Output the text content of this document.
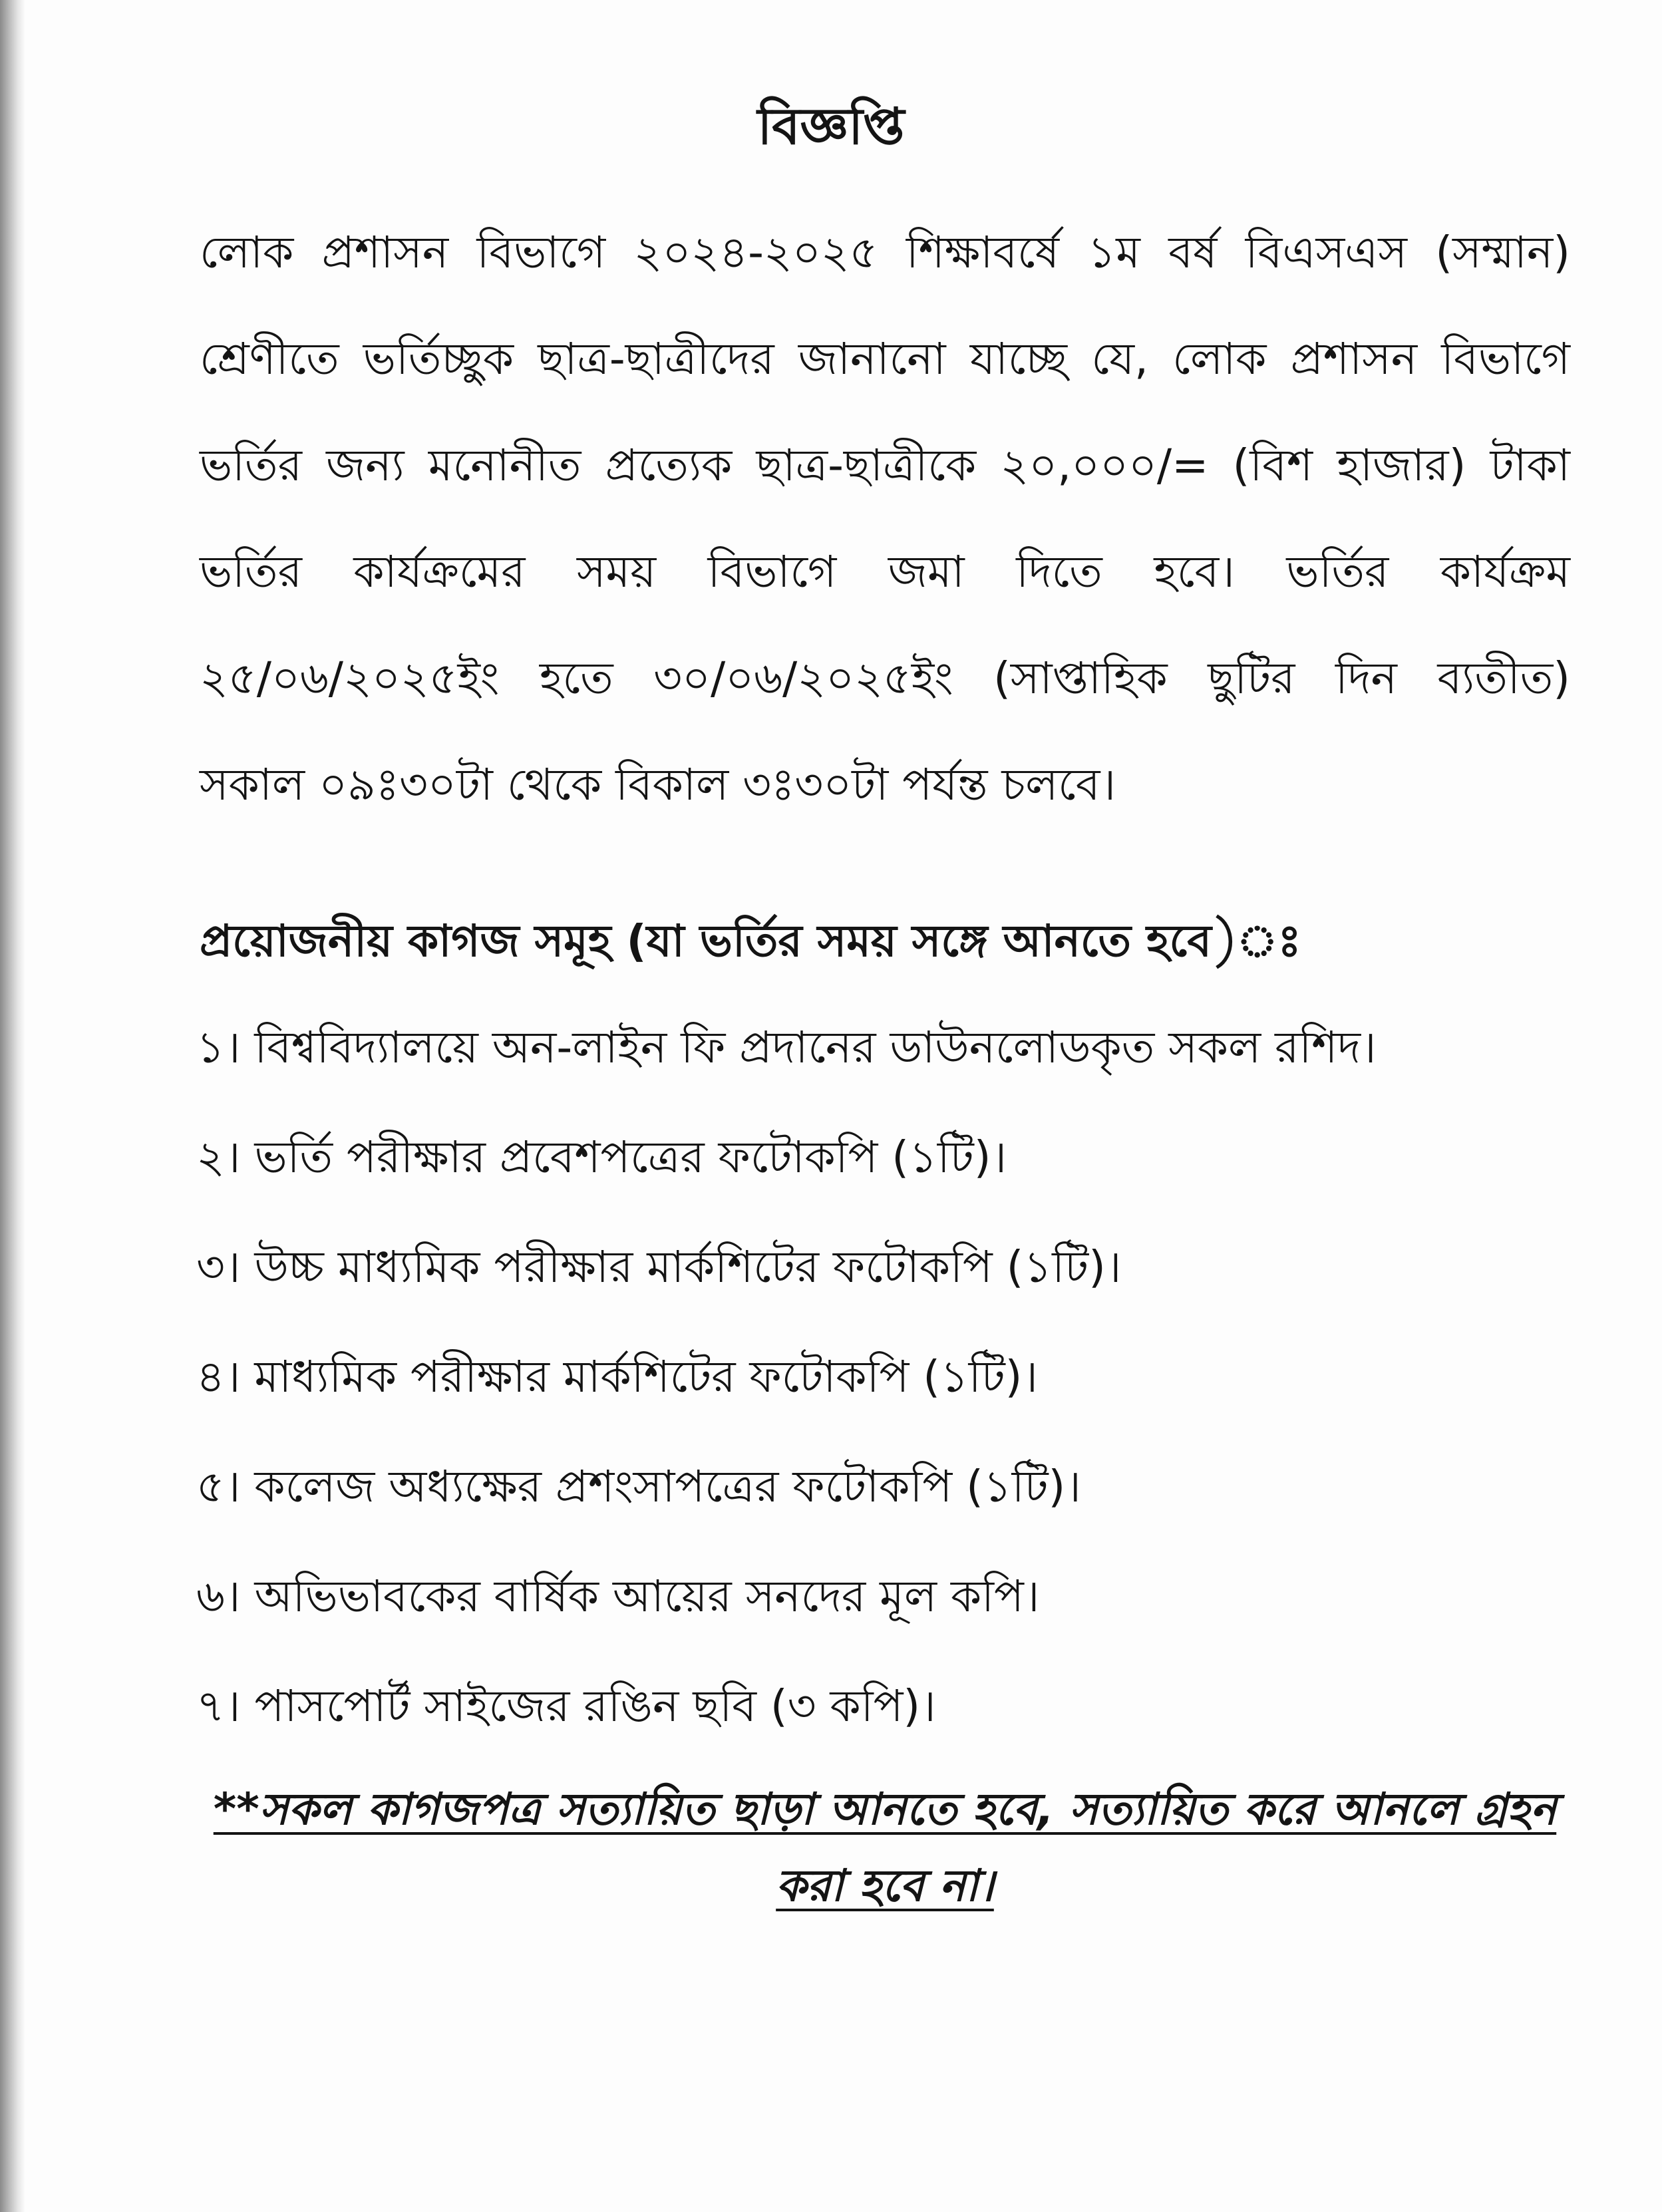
বিজ্ঞপ্তি
লোক প্রশাসন বিভাগে ২০২৪-২০২৫ শিক্ষাবর্ষে ১ম বর্ষ বিএসএস (সম্মান)
শ্রেণীতে ভর্তিচ্ছুক ছাত্র-ছাত্রীদের জানানো যাচ্ছে যে, লোক প্রশাসন বিভাগে
ভর্তির জন্য মনোনীত প্রত্যেক ছাত্র-ছাত্রীকে ২০,০০০/= (বিশ হাজার) টাকা
ভর্তির কার্যক্রমের সময় বিভাগে জমা দিতে হবে। ভর্তির কার্যক্রম
২৫/০৬/২০২৫ইং হতে ৩০/০৬/২০২৫ইং (সাপ্তাহিক ছুটির দিন ব্যতীত)
সকাল ০৯ঃ৩০টা থেকে বিকাল ৩ঃ৩০টা পর্যন্ত চলবে।
প্রয়োজনীয় কাগজ সমূহ (যা ভর্তির সময় সঙ্গে আনতে হবে)ঃ
১। বিশ্ববিদ্যালয়ে অন-লাইন ফি প্রদানের ডাউনলোডকৃত সকল রশিদ।
২। ভর্তি পরীক্ষার প্রবেশপত্রের ফটোকপি (১টি)।
৩। উচ্চ মাধ্যমিক পরীক্ষার মার্কশিটের ফটোকপি (১টি)।
৪। মাধ্যমিক পরীক্ষার মার্কশিটের ফটোকপি (১টি)।
৫। কলেজ অধ্যক্ষের প্রশংসাপত্রের ফটোকপি (১টি)।
৬। অভিভাবকের বার্ষিক আয়ের সনদের মূল কপি।
৭। পাসপোর্ট সাইজের রঙিন ছবি (৩ কপি)।
**সকল কাগজপত্র সত্যায়িত ছাড়া আনতে হবে, সত্যায়িত করে আনলে গ্রহন
করা হবে না।
